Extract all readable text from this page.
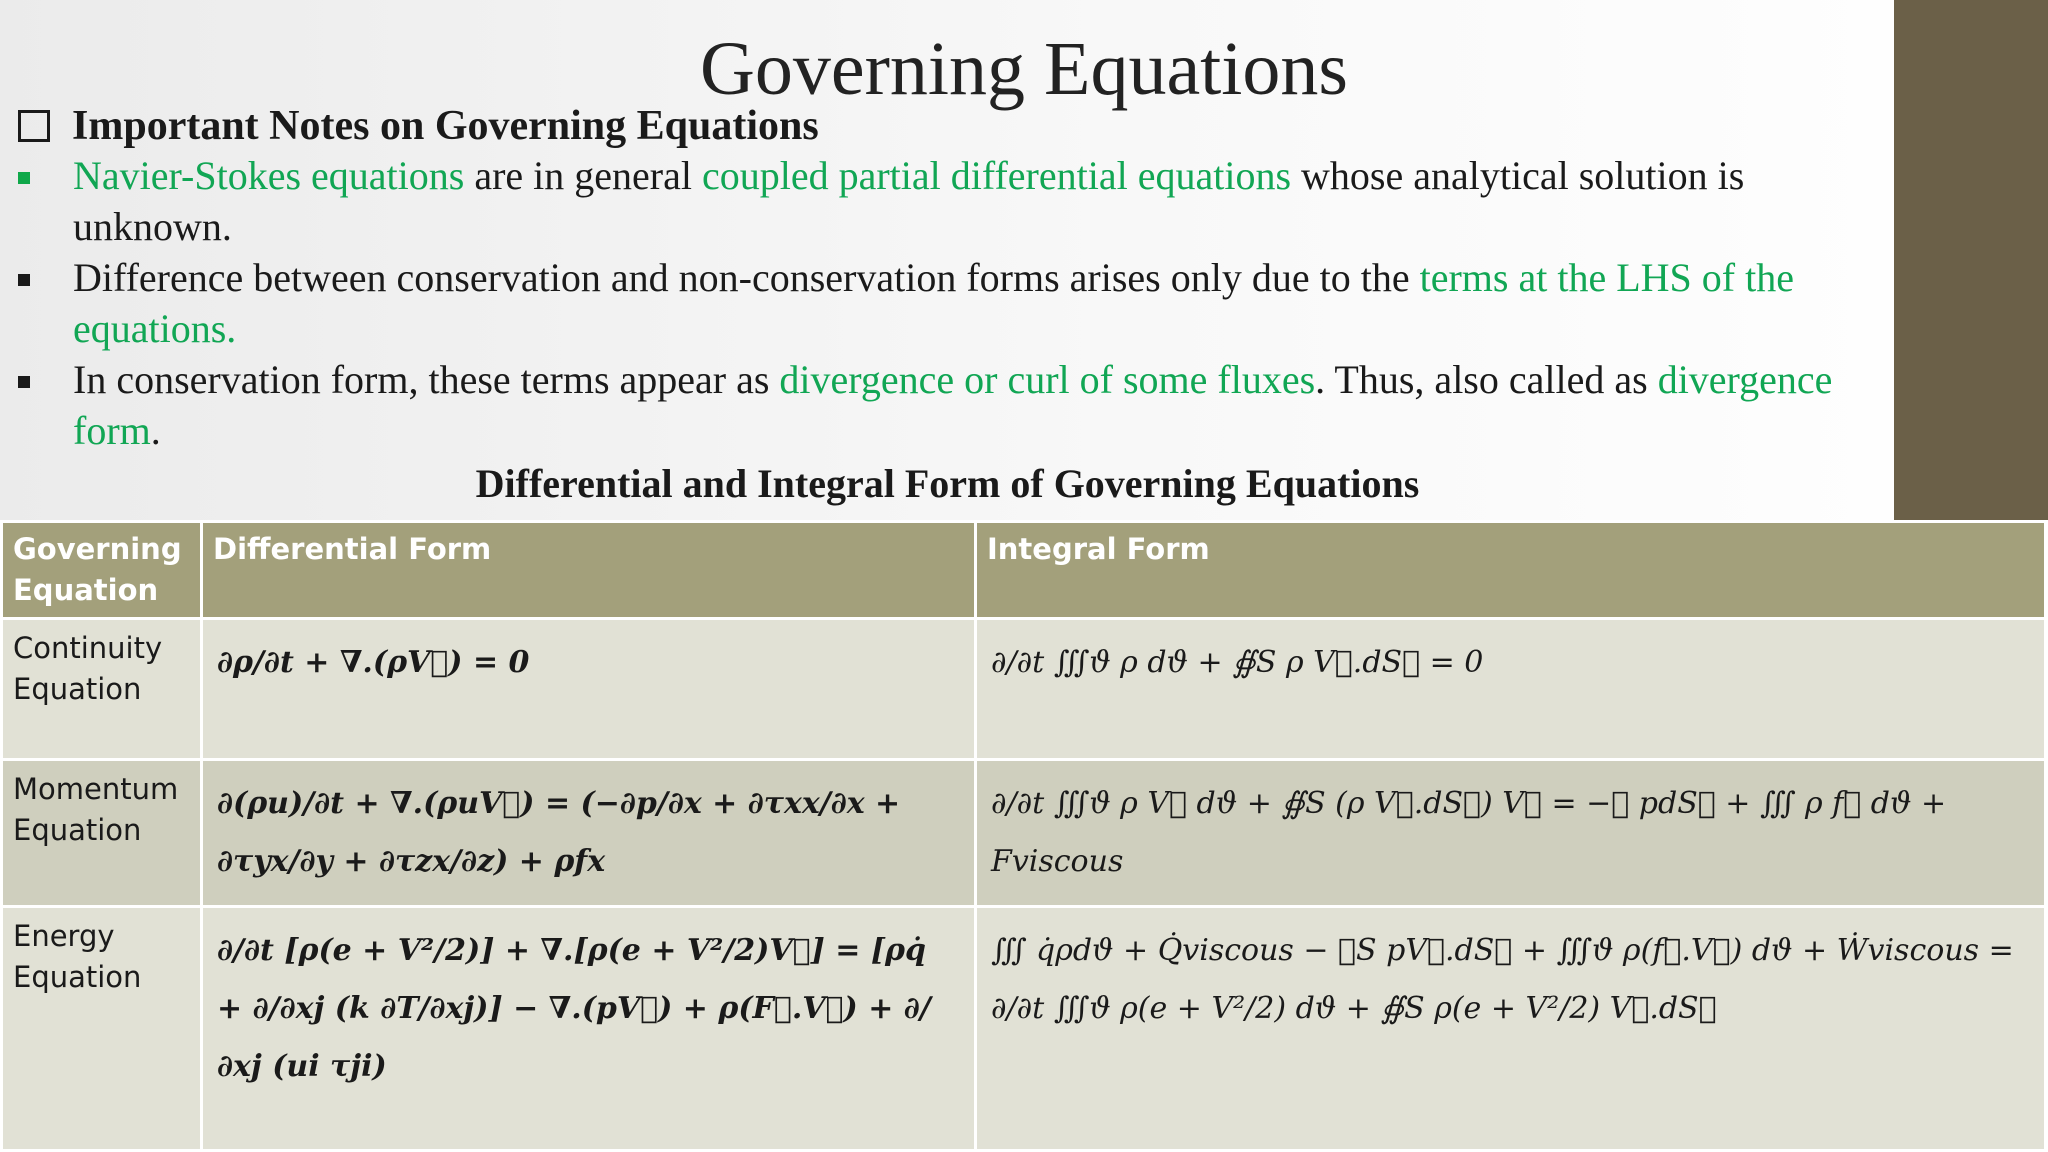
Governing Equations
Important Notes on Governing Equations
Navier-Stokes equations are in general coupled partial differential equations whose analytical solution is unknown.
Difference between conservation and non-conservation forms arises only due to the terms at the LHS of the equations.
In conservation form, these terms appear as divergence or curl of some fluxes. Thus, also called as divergence form.
Differential and Integral Form of Governing Equations
Governing Equation	Differential Form	Integral Form
Continuity Equation	∂ρ/∂t + ∇.(ρV⃗) = 0	∂/∂t ∭ϑ ρ dϑ + ∯S ρ V⃗.dS⃗ = 0
Momentum Equation	∂(ρu)/∂t + ∇.(ρuV⃗) = (−∂p/∂x + ∂τxx/∂x + ∂τyx/∂y + ∂τzx/∂z) + ρfx	∂/∂t ∭ϑ ρ V⃗ dϑ + ∯S (ρ V⃗.dS⃗) V⃗ = −∯ pdS⃗ + ∭ ρ f⃗ dϑ + Fviscous
Energy Equation	∂/∂t [ρ(e + V²/2)] + ∇.[ρ(e + V²/2)V⃗] = [ρq̇ + ∂/∂xj (k ∂T/∂xj)] − ∇.(pV⃗) + ρ(F⃗.V⃗) + ∂/∂xj (ui τji)	∭ q̇ρdϑ + Q̇viscous − ∯S pV⃗.dS⃗ + ∭ϑ ρ(f⃗.V⃗) dϑ + Ẇviscous = ∂/∂t ∭ϑ ρ(e + V²/2) dϑ + ∯S ρ(e + V²/2) V⃗.dS⃗
